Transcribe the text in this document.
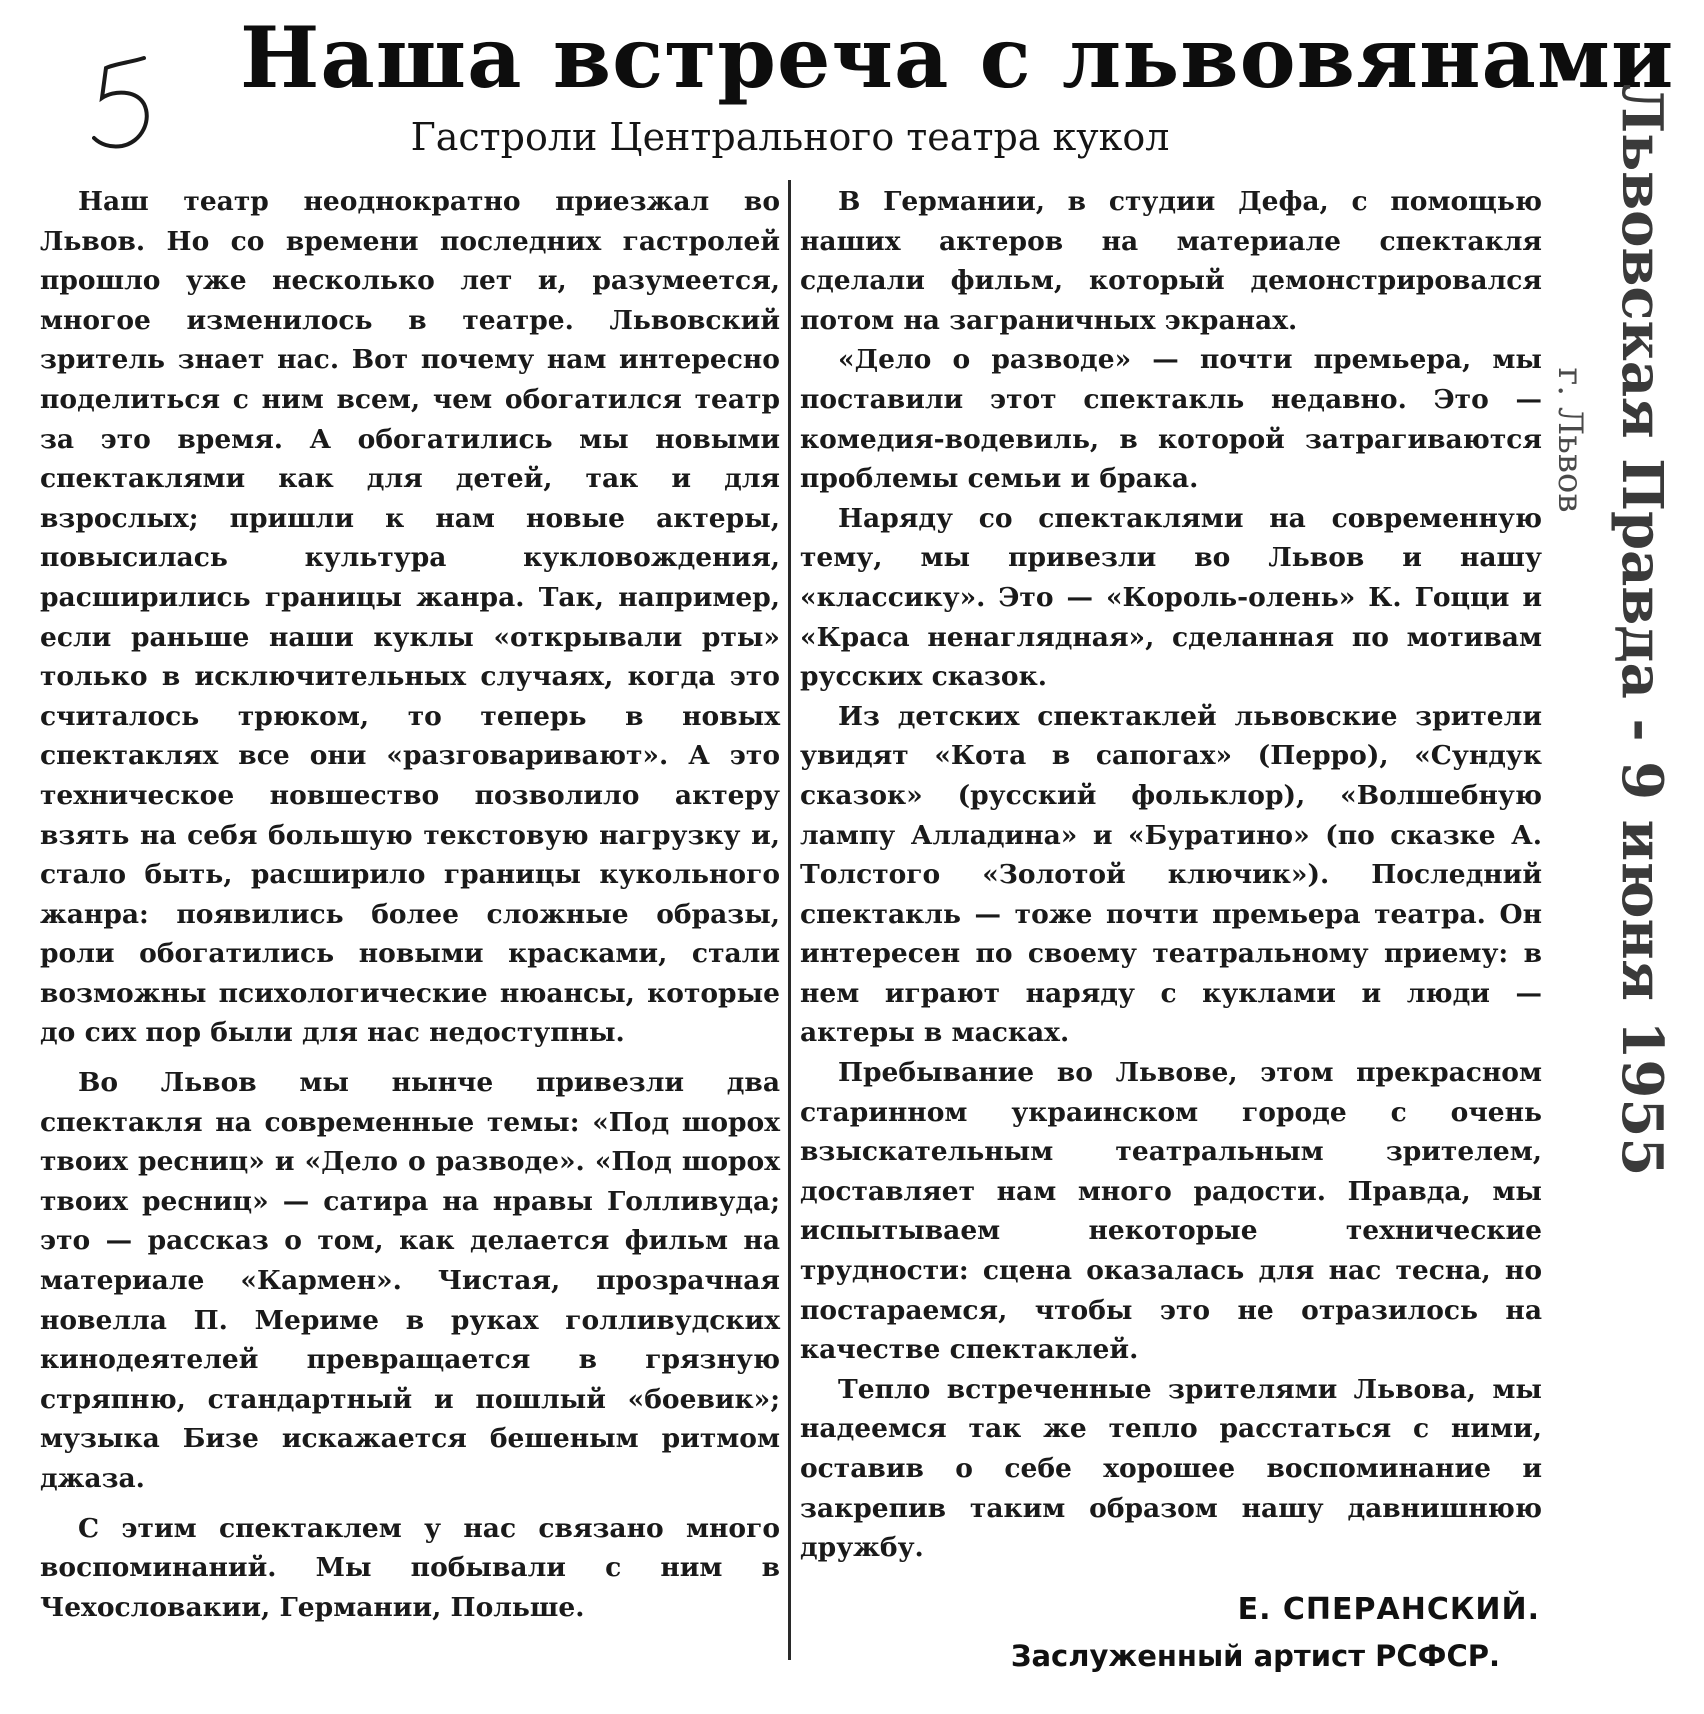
Наша встреча с львовянами
Гастроли Центрального театра кукол

Наш театр неоднократно приезжал во Львов. Но со времени последних гастролей прошло уже несколько лет и, разумеется, многое изменилось в театре. Львовский зритель знает нас. Вот почему нам интересно поделиться с ним всем, чем обогатился театр за это время. А обогатились мы новыми спектаклями как для детей, так и для взрослых; пришли к нам новые актеры, повысилась культура кукловождения, расширились границы жанра. Так, например, если раньше наши куклы «открывали рты» только в исключительных случаях, когда это считалось трюком, то теперь в новых спектаклях все они «разговаривают». А это техническое новшество позволило актеру взять на себя большую текстовую нагрузку и, стало быть, расширило границы кукольного жанра: появились более сложные образы, роли обогатились новыми красками, стали возможны психологические нюансы, которые до сих пор были для нас недоступны.

Во Львов мы нынче привезли два спектакля на современные темы: «Под шорох твоих ресниц» и «Дело о разводе». «Под шорох твоих ресниц» — сатира на нравы Голливуда; это — рассказ о том, как делается фильм на материале «Кармен». Чистая, прозрачная новелла П. Мериме в руках голливудских кинодеятелей превращается в грязную стряпню, стандартный и пошлый «боевик»; музыка Бизе искажается бешеным ритмом джаза.

С этим спектаклем у нас связано много воспоминаний. Мы побывали с ним в Чехословакии, Германии, Польше.

В Германии, в студии Дефа, с помощью наших актеров на материале спектакля сделали фильм, который демонстрировался потом на заграничных экранах.

«Дело о разводе» — почти премьера, мы поставили этот спектакль недавно. Это — комедия-водевиль, в которой затрагиваются проблемы семьи и брака.

Наряду со спектаклями на современную тему, мы привезли во Львов и нашу «классику». Это — «Король-олень» К. Гоцци и «Краса ненаглядная», сделанная по мотивам русских сказок.

Из детских спектаклей львовские зрители увидят «Кота в сапогах» (Перро), «Сундук сказок» (русский фольклор), «Волшебную лампу Алладина» и «Буратино» (по сказке А. Толстого «Золотой ключик»). Последний спектакль — тоже почти премьера театра. Он интересен по своему театральному приему: в нем играют наряду с куклами и люди — актеры в масках.

Пребывание во Львове, этом прекрасном старинном украинском городе с очень взыскательным театральным зрителем, доставляет нам много радости. Правда, мы испытываем некоторые технические трудности: сцена оказалась для нас тесна, но постараемся, чтобы это не отразилось на качестве спектаклей.

Тепло встреченные зрителями Львова, мы надеемся так же тепло расстаться с ними, оставив о себе хорошее воспоминание и закрепив таким образом нашу давнишнюю дружбу.

Е. СПЕРАНСКИЙ.
Заслуженный артист РСФСР.
Львовская Правда - 9 июня 1955
г. Львов
